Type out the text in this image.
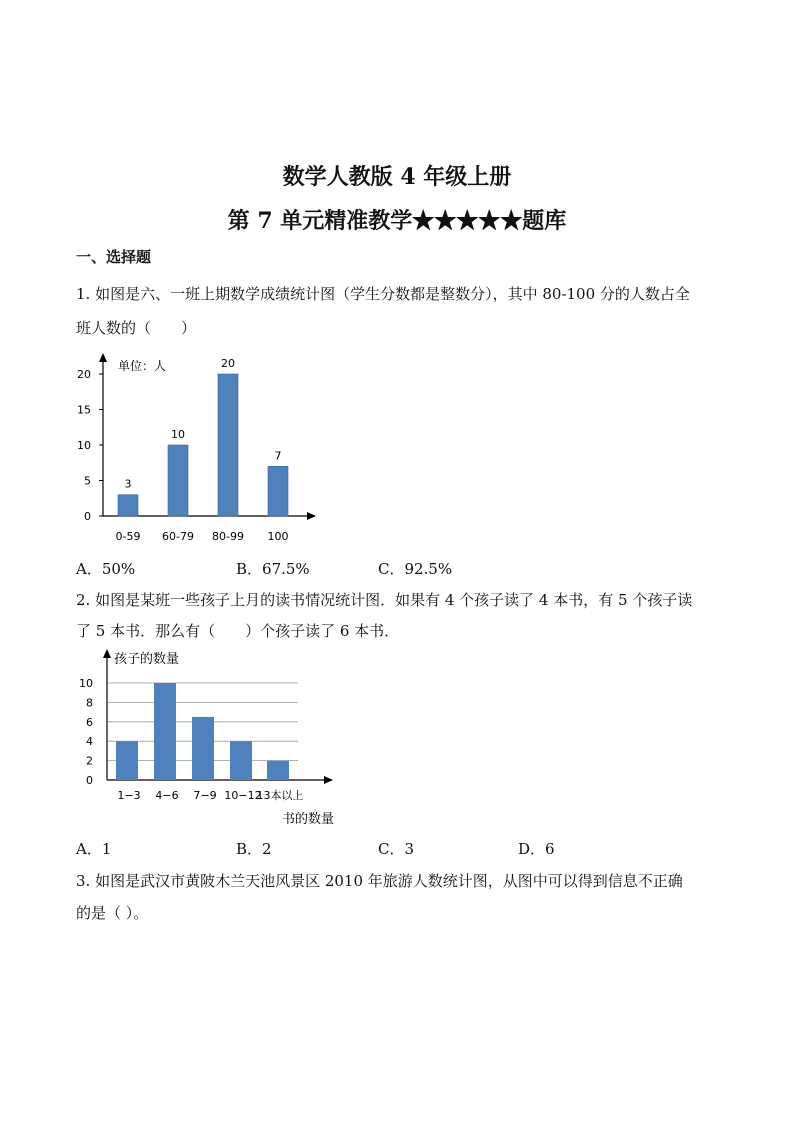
数学人教版 4 年级上册
第 7 单元精准教学★★★★★题库
一、选择题
1. 如图是六、一班上期数学成绩统计图（学生分数都是整数分），其中 80-100 分的人数占全
班人数的（　　）
0
5
10
15
20
单位：人
3
0-59
10
60-79
20
80-99
7
100
A．50%	B．67.5%	C．92.5%
2. 如图是某班一些孩子上月的读书情况统计图．如果有 4 个孩子读了 4 本书，有 5 个孩子读
了 5 本书．那么有（　　）个孩子读了 6 本书．
0
2
4
6
8
10
孩子的数量
1−3 4−6 7−9 10−12
13本以上
书的数量
A．1	B．2	C．3	D．6
3. 如图是武汉市黄陂木兰天池风景区 2010 年旅游人数统计图，从图中可以得到信息不正确
的是（ ）。
